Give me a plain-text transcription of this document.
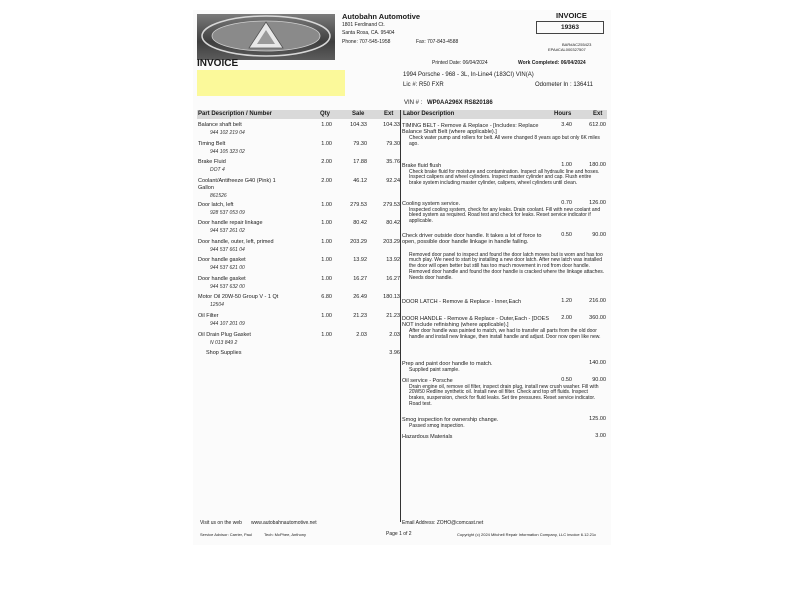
Autobahn Automotive
1801 Ferdinand Ct.
Santa Rosa, CA. 95404
Phone: 707-545-1958	Fax: 707-843-4588
INVOICE
19363
BAR#AC255423
EPA#CAL000327507
INVOICE	Printed Date: 06/04/2024	Work Completed: 06/04/2024
1994 Porsche - 968 - 3L, In-Line4 (183CI) VIN(A)
Lic #: R50 FXR	Odometer In : 136411
VIN # : WP0AA296X RS820186
Part Description / Number	Qty	Sale	Ext Labor Description	Hours	Ext
Balance shaft belt
944 102 219 04
1.00	104.33	104.33
Timing Belt
944 105 323 02
1.00	79.30	79.30
Brake Fluid
DOT 4
2.00	17.88	35.76
Coolant/Antifreeze G40 (Pink) 1
Gallon
861526
2.00	46.12	92.24
Door latch, left
928 537 053 09
1.00	279.53	279.53
Door handle repair linkage
944 537 261 02
1.00	80.42	80.42
Door handle, outer, left, primed
944 537 661 04
1.00	203.29	203.29
Door handle gasket
944 537 621 00
1.00	13.92	13.92
Door handle gasket
944 537 632 00
1.00	16.27	16.27
Motor Oil 20W-50 Group V - 1 Qt
12504
6.80	26.49	180.13
Oil Filter
944 107 201 09
1.00	21.23	21.23
Oil Drain Plug Gasket
N 013 849 2
1.00	2.03	2.03
Shop Supplies	3.96
TIMING BELT - Remove & Replace - [Includes: Replace Balance Shaft Belt (where applicable).]
3.40	612.00
Check water pump and rollers for belt. All were changed 8 years ago but only 6K miles ago.
Brake fluid flush	1.00	180.00
Check brake fluid for moisture and contamination. Inspect all hydraulic line and hoses. Inspect calipers and wheel cylinders. Inspect master cylinder and cap. Flush entire brake system including master cylinder, calipers, wheel cylinders until clean.
Cooling system service.	0.70	126.00
Inspected cooling system, check for any leaks. Drain coolant. Fill with new coolant and bleed system as required. Road test and check for leaks. Reset service indicator if applicable.
Check driver outside door handle. It takes a lot of force to open, possible door handle linkage in handle failing.
0.50	90.00
Removed door panel to inspect and found the door latch moves but is worn and has too much play. We need to start by installing a new door latch. After new latch was installed the door will open better but still has too much movement in rod from door handle. Removed door handle and found the door handle is cracked where the linkage attaches. Needs door handle.
DOOR LATCH - Remove & Replace - Inner,Each	1.20	216.00
DOOR HANDLE - Remove & Replace - Outer,Each - [DOES NOT include refinishing (where applicable).]
2.00	360.00
After door handle was painted to match, we had to transfer all parts from the old door handle and install new linkage, then install handle and adjust. Door now open like new.
Prep and paint door handle to match.	140.00
Supplied paint sample.
Oil service - Porsche	0.50	90.00
Drain engine oil, remove oil filter, inspect drain plug, install new crush washer. Fill with 20W50 Redline synthetic oil. Install new oil filter. Check and top off fluids. Inspect brakes, suspension, check for fluid leaks. Set tire pressures. Reset service indicator. Road test.
Smog inspection for ownership change.	125.00
Passed smog inspection.
Hazardous Materials	3.00
Visit us on the web www.autobahnautomotive.net	Email Address: ZOHO@comcast.net
Service Advisor: Carrier, Paul	Tech: McPhee, Anthony	Page 1 of 2	Copyright (c) 2024 Mitchell Repair Information Company, LLC invoice 6.12.21c
